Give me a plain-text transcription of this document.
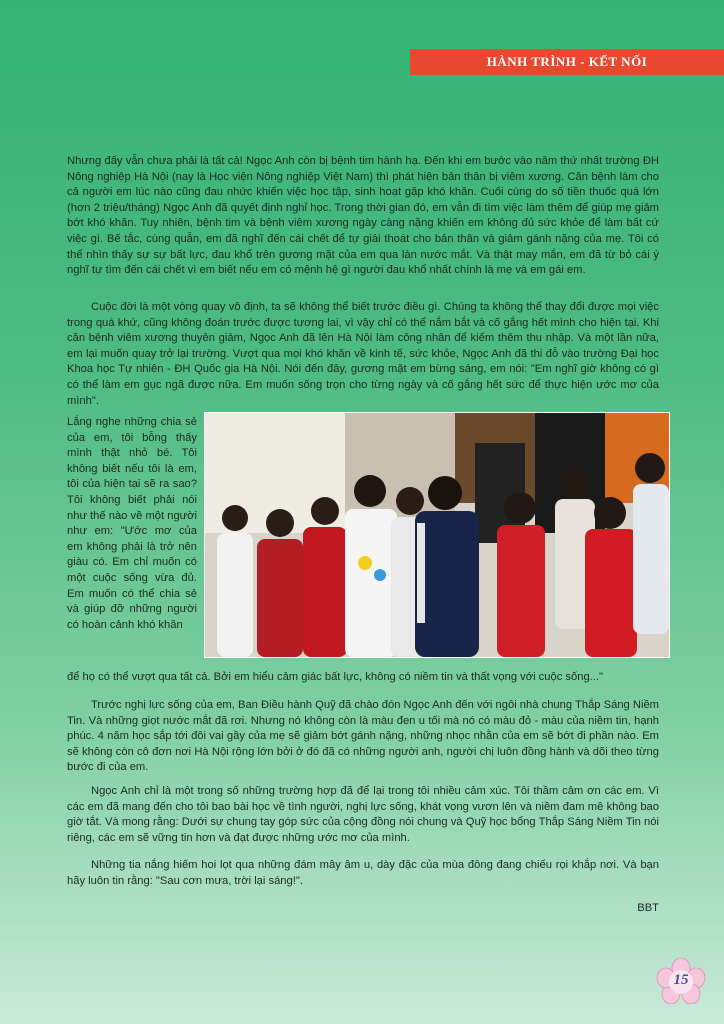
HÀNH TRÌNH - KẾT NỐI

Nhưng đấy vẫn chưa phải là tất cả! Ngọc Anh còn bị bệnh tim hành hạ. Đến khi em bước vào năm thứ nhất trường ĐH Nông nghiệp Hà Nội (nay là Học viện Nông nghiệp Việt Nam) thì phát hiện bản thân bị viêm xương. Căn bệnh làm cho cả người em lúc nào cũng đau nhức khiến việc học tập, sinh hoạt gặp khó khăn. Cuối cùng do số tiền thuốc quá lớn (hơn 2 triệu/tháng) Ngọc Anh đã quyết định nghỉ học. Trong thời gian đó, em vẫn đi tìm việc làm thêm để giúp mẹ giảm bớt khó khăn. Tuy nhiên, bệnh tim và bệnh viêm xương ngày càng nặng khiến em không đủ sức khỏe để làm bất cứ việc gì. Bế tắc, cùng quẫn, em đã nghĩ đến cái chết để tự giải thoát cho bản thân và giảm gánh nặng của mẹ. Tôi có thể nhìn thấy sự sự bất lực, đau khổ trên gương mặt của em qua làn nước mắt. Và thật may mắn, em đã từ bỏ cái ý nghĩ tự tìm đến cái chết vì em biết nếu em có mệnh hệ gì người đau khổ nhất chính là mẹ và em gái em.

Cuộc đời là một vòng quay vô định, ta sẽ không thể biết trước điều gì. Chúng ta không thể thay đổi được mọi việc trong quá khứ, cũng không đoán trước được tương lai, vì vậy chỉ có thể nắm bắt và cố gắng hết mình cho hiện tại. Khi căn bệnh viêm xương thuyên giảm, Ngọc Anh đã lên Hà Nội làm công nhân để kiếm thêm thu nhập. Và một lần nữa, em lại muốn quay trở lại trường. Vượt qua mọi khó khăn về kinh tế, sức khỏe, Ngọc Anh đã thi đỗ vào trường Đại học Khoa học Tự nhiên - ĐH Quốc gia Hà Nội. Nói đến đây, gương mặt em bừng sáng, em nói: "Em nghĩ giờ không có gì có thể làm em gục ngã được nữa. Em muốn sống trọn cho từng ngày và cố gắng hết sức để thực hiện ước mơ của mình".

Lắng nghe những chia sẻ của em, tôi bỗng thấy mình thật nhỏ bé. Tôi không biết nếu tôi là em, tôi của hiện tại sẽ ra sao? Tôi không biết phải nói như thế nào về một người như em: "Ước mơ của em không phải là trở nên giàu có. Em chỉ muốn có một cuộc sống vừa đủ. Em muốn có thể chia sẻ và giúp đỡ những người có hoàn cảnh khó khăn

để họ có thể vượt qua tất cả. Bởi em hiểu cảm giác bất lực, không có niềm tin và thất vọng với cuộc sống..."

Trước nghị lực sống của em, Ban Điều hành Quỹ đã chào đón Ngọc Anh đến với ngôi nhà chung Thắp Sáng Niềm Tin. Và những giọt nước mắt đã rơi. Nhưng nó không còn là màu đen u tối mà nó có màu đỏ - màu của niềm tin, hạnh phúc. 4 năm học sắp tới đôi vai gầy của mẹ sẽ giảm bớt gánh nặng, những nhọc nhằn của em sẽ bớt đi phần nào. Em sẽ không còn cô đơn nơi Hà Nội rộng lớn bởi ở đó đã có những người anh, người chị luôn đồng hành và dõi theo từng bước đi của em.

Ngọc Anh chỉ là một trong số những trường hợp đã để lại trong tôi nhiều cảm xúc. Tôi thầm cảm ơn các em. Vì các em đã mang đến cho tôi bao bài học về tình người, nghị lực sống, khát vọng vươn lên và niềm đam mê không bao giờ tắt. Và mong rằng: Dưới sự chung tay góp sức của cộng đồng nói chung và Quỹ học bổng Thắp Sáng Niềm Tin nói riêng, các em sẽ vững tin hơn và đạt được những ước mơ của mình.

Những tia nắng hiếm hoi lọt qua những đám mây âm u, dày đặc của mùa đông đang chiếu rọi khắp nơi. Và bạn hãy luôn tin rằng: "Sau cơn mưa, trời lại sáng!".

BBT
15
